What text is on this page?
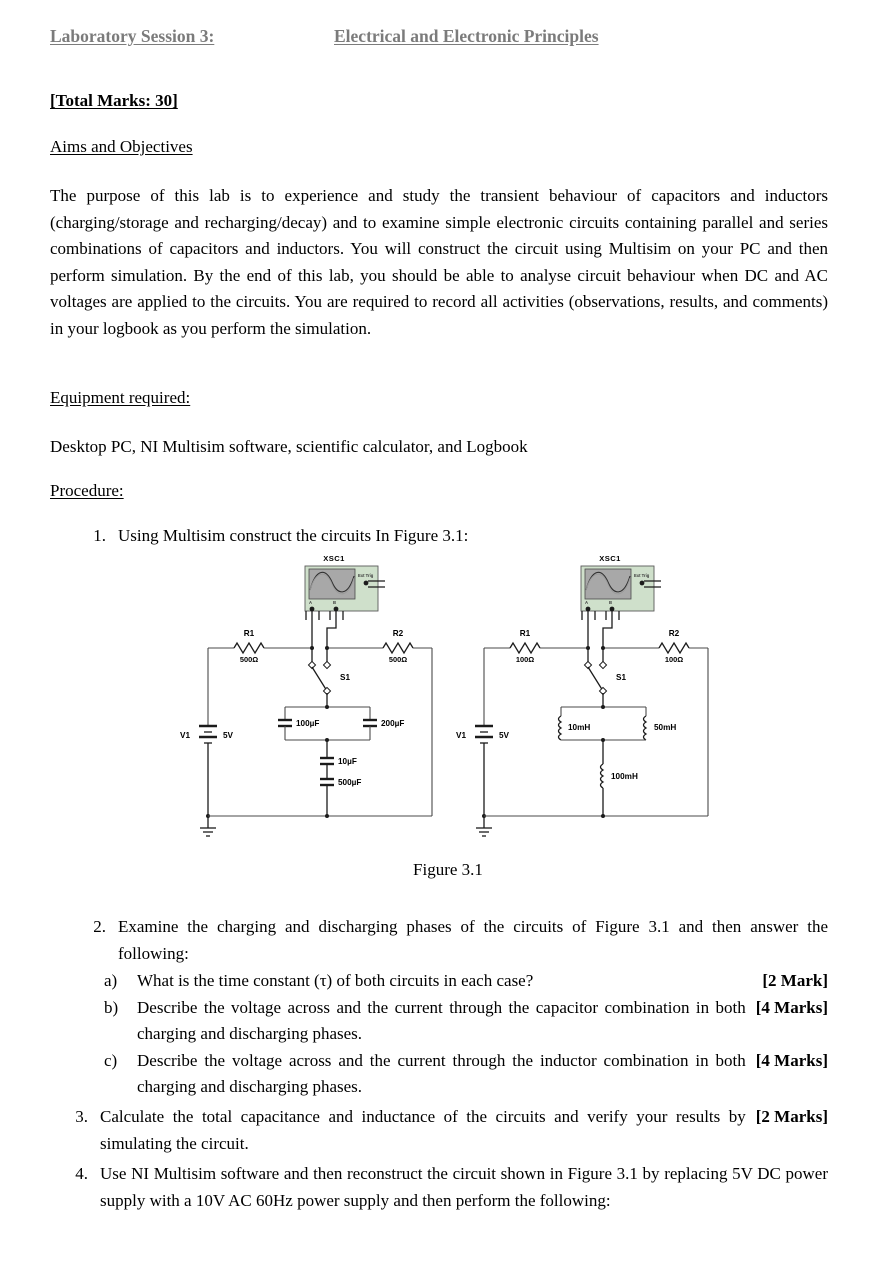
Laboratory Session 3:	Electrical and Electronic Principles
[Total Marks: 30]
Aims and Objectives
The purpose of this lab is to experience and study the transient behaviour of capacitors and inductors (charging/storage and recharging/decay) and to examine simple electronic circuits containing parallel and series combinations of capacitors and inductors. You will construct the circuit using Multisim on your PC and then perform simulation. By the end of this lab, you should be able to analyse circuit behaviour when DC and AC voltages are applied to the circuits. You are required to record all activities (observations, results, and comments) in your logbook as you perform the simulation.
Equipment required:
Desktop PC, NI Multisim software, scientific calculator, and Logbook
Procedure:
1. Using Multisim construct the circuits In Figure 3.1:
XSC1
Ext Trig
A	B
R1
500Ω
R2
500Ω
S1
100µF	200µF
10µF
500µF
V1	5V
XSC1
Ext Trig
A	B
R1
100Ω
R2
100Ω
S1
10mH	50mH
100mH
V1	5V
Figure 3.1
2. Examine the charging and discharging phases of the circuits of Figure 3.1 and then answer the following:
a)	[2 Mark]
What is the time constant (τ) of both circuits in each case?
b)	[4 Marks]
Describe the voltage across and the current through the capacitor combination in both charging and discharging phases.
c)	[4 Marks]
Describe the voltage across and the current through the inductor combination in both charging and discharging phases.
3.	[2 Marks]
Calculate the total capacitance and inductance of the circuits and verify your results by simulating the circuit.
4. Use NI Multisim software and then reconstruct the circuit shown in Figure 3.1 by replacing 5V DC power supply with a 10V AC 60Hz power supply and then perform the following:
